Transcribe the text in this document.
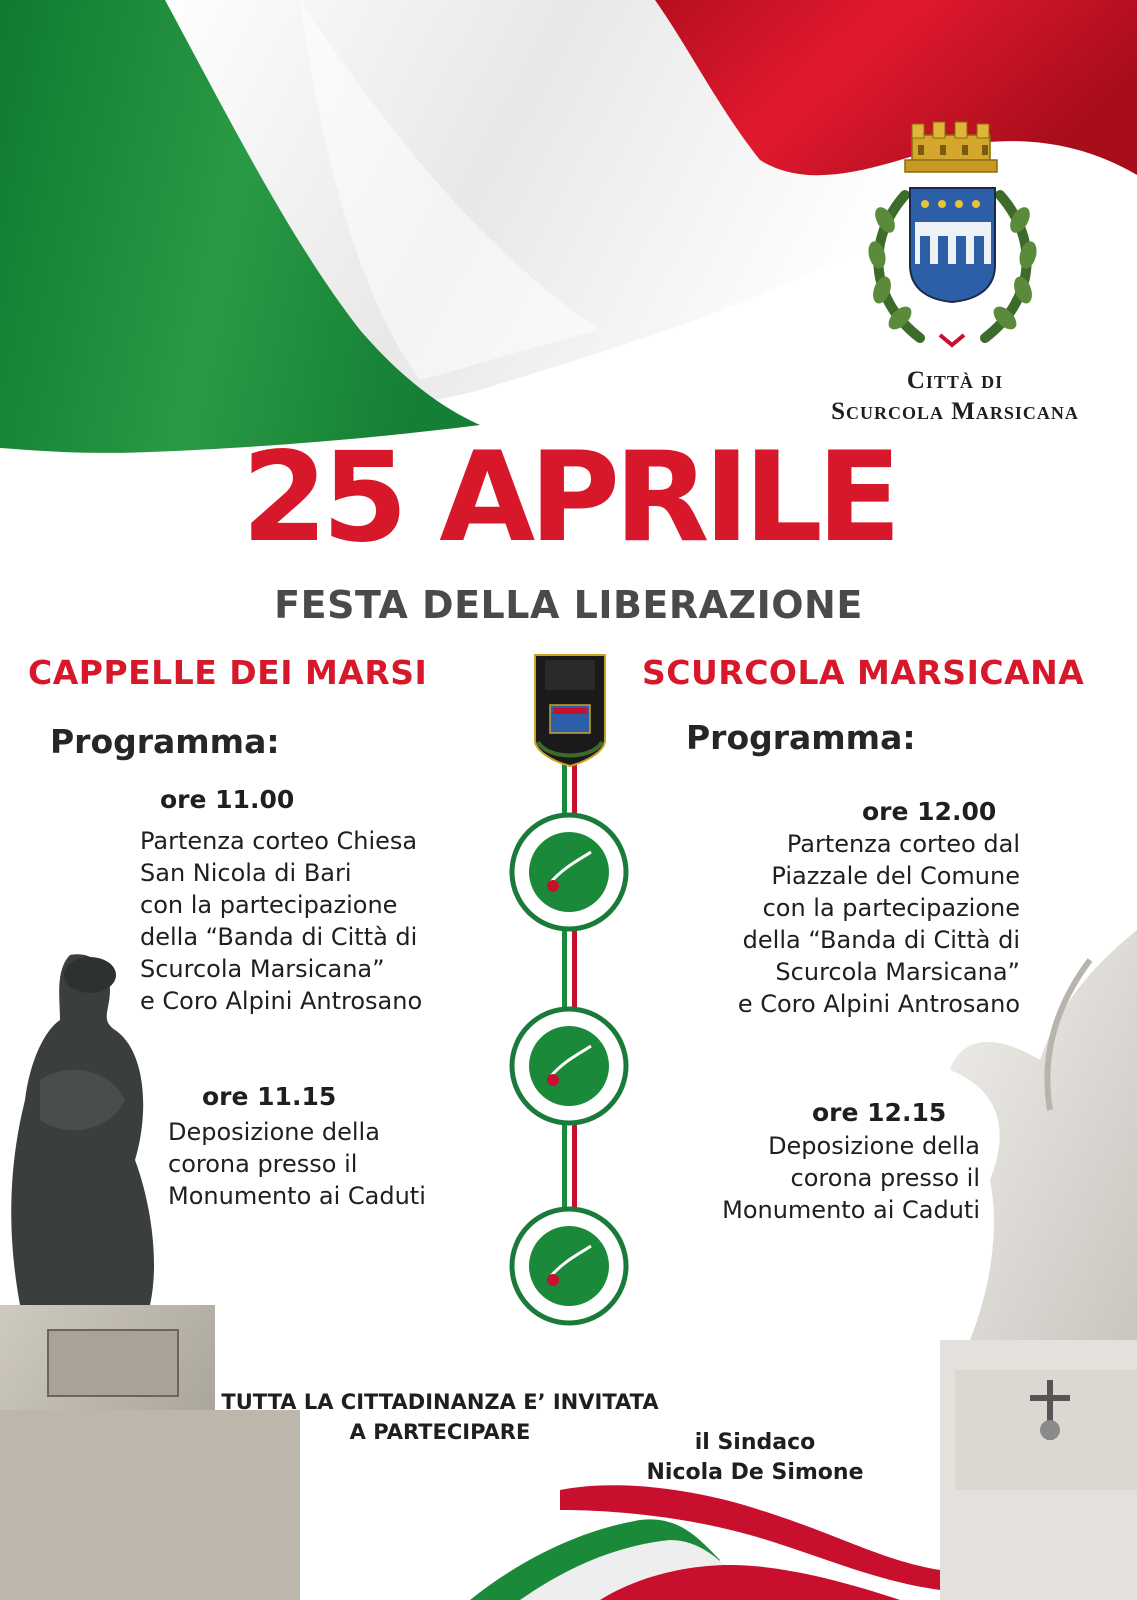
Città di
Scurcola Marsicana
25 APRILE
FESTA DELLA LIBERAZIONE
CAPPELLE DEI MARSI
Programma:
ore 11.00
Partenza corteo Chiesa
San Nicola di Bari
con la partecipazione
della “Banda di Città di
Scurcola Marsicana”
e Coro Alpini Antrosano
ore 11.15
Deposizione della
corona presso il
Monumento ai Caduti
SCURCOLA MARSICANA
Programma:
ore 12.00
Partenza corteo dal
Piazzale del Comune
con la partecipazione
della “Banda di Città di
Scurcola Marsicana”
e Coro Alpini Antrosano
ore 12.15
Deposizione della
corona presso il
Monumento ai Caduti
TUTTA LA CITTADINANZA E’ INVITATA
A PARTECIPARE	il Sindaco
Nicola De Simone
